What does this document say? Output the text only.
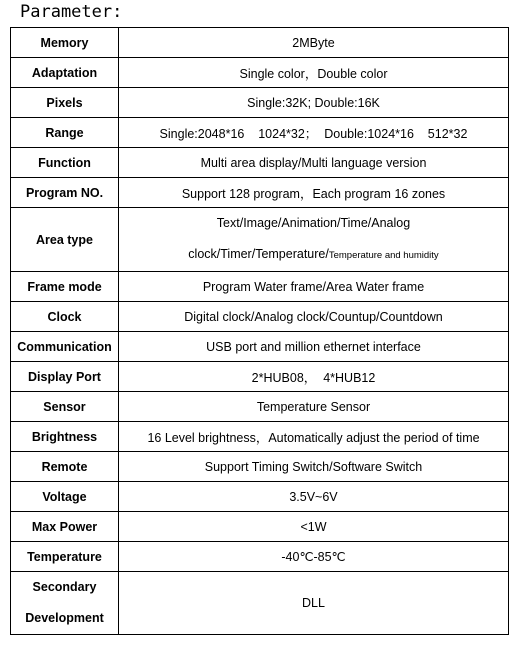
Parameter:
Memory	2MByte
Adaptation	Single color，Double color
Pixels	Single:32K; Double:16K
Range	Single:2048*16    1024*32；  Double:1024*16    512*32
Function	Multi area display/Multi language version
Program NO.	Support 128 program，Each program 16 zones
Area type	Text/Image/Animation/Time/Analog
clock/Timer/Temperature/Temperature and humidity

Frame mode	Program Water frame/Area Water frame
Clock	Digital clock/Analog clock/Countup/Countdown
Communication	USB port and million ethernet interface
Display Port	2*HUB08，  4*HUB12
Sensor	Temperature Sensor
Brightness	16 Level brightness，Automatically adjust the period of time
Remote	Support Timing Switch/Software Switch
Voltage	3.5V~6V
Max Power	<1W
Temperature	-40℃-85℃

Secondary
Development	DLL
